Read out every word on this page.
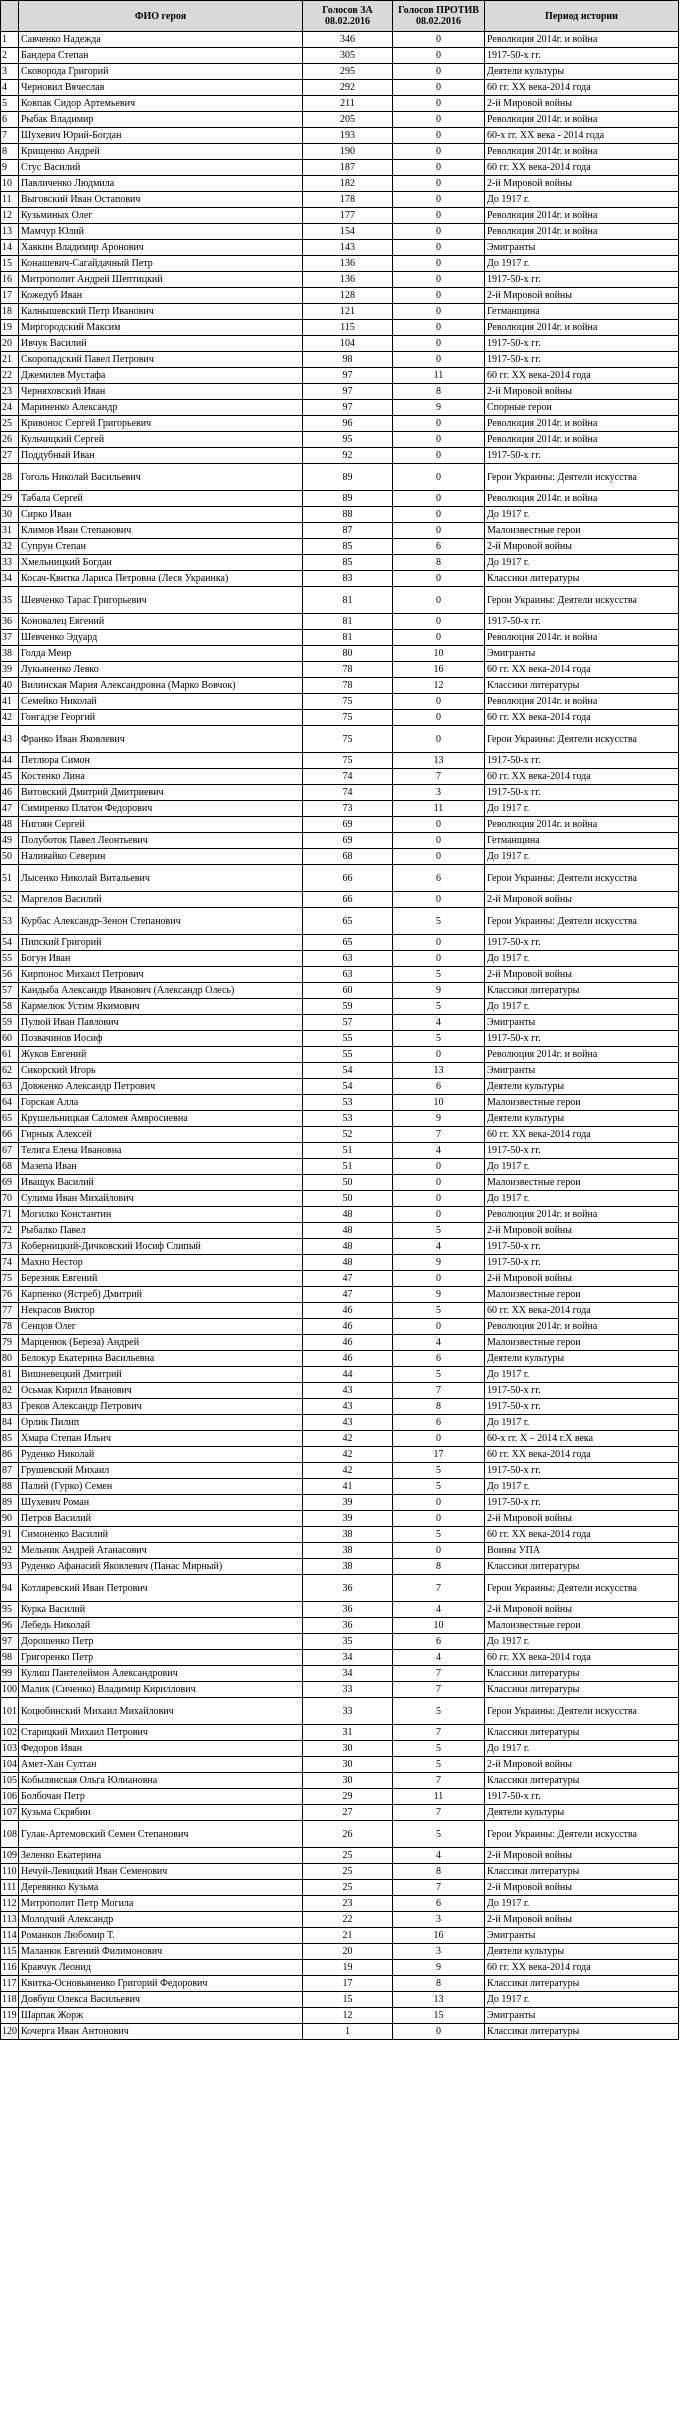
	ФИО героя	Голосов ЗА 08.02.2016	Голосов ПРОТИВ 08.02.2016	Период истории
1	Савченко Надежда	346	0	Революция 2014г. и война
2	Бандера Степан	305	0	1917-50-х гг.
3	Сковорода Григорий	295	0	Деятели культуры
4	Черновил Вячеслав	292	0	60 гг. XX века-2014 года
5	Ковпак Сидор Артемьевич	211	0	2-й Мировой войны
6	Рыбак Владимир	205	0	Революция 2014г. и война
7	Шухевич Юрий-Богдан	193	0	60-х гг. XX века - 2014 года
8	Крищенко Андрей	190	0	Революция 2014г. и война
9	Стус Василий	187	0	60 гг. XX века-2014 года
10	Павличенко Людмила	182	0	2-й Мировой войны
11	Выговский Иван Остапович	178	0	До 1917 г.
12	Кузьминых Олег	177	0	Революция 2014г. и война
13	Мамчур Юлий	154	0	Революция 2014г. и война
14	Хавкин Владимир Аронович	143	0	Эмигранты
15	Конашевич-Сагайдачный Петр	136	0	До 1917 г.
16	Митрополит Андрей Шептицкий	136	0	1917-50-х гг.
17	Кожедуб Иван	128	0	2-й Мировой войны
18	Калнышевский Петр Иванович	121	0	Гетманщина
19	Миргородский Максим	115	0	Революция 2014г. и война
20	Ивчук Василий	104	0	1917-50-х гг.
21	Скоропадский Павел Петрович	98	0	1917-50-х гг.
22	Джемилев Мустафа	97	11	60 гг. XX века-2014 года
23	Черняховский Иван	97	8	2-й Мировой войны
24	Мариненко Александр	97	9	Спорные герои
25	Кривонос Сергей Григорьевич	96	0	Революция 2014г. и война
26	Кульчицкий Сергей	95	0	Революция 2014г. и война
27	Поддубный Иван	92	0	1917-50-х гг.
28	Гоголь Николай Васильевич	89	0	Герои Украины: Деятели искусства
29	Табала Сергей	89	0	Революция 2014г. и война
30	Сирко Иван	88	0	До 1917 г.
31	Климов Иван Степанович	87	0	Малоизвестные герои
32	Супрун Степан	85	6	2-й Мировой войны
33	Хмельницкий Богдан	85	8	До 1917 г.
34	Косач-Квитка Лариса Петровна (Леся Украинка)	83	0	Классики литературы
35	Шевченко Тарас Григорьевич	81	0	Герои Украины: Деятели искусства
36	Коновалец Евгений	81	0	1917-50-х гг.
37	Шевченко Эдуард	81	0	Революция 2014г. и война
38	Голда Меир	80	10	Эмигранты
39	Лукьяненко Левко	78	16	60 гг. XX века-2014 года
40	Вилинская Мария Александровна (Марко Вовчок)	78	12	Классики литературы
41	Семейко Николай	75	0	Революция 2014г. и война
42	Гонгадзе Георгий	75	0	60 гг. XX века-2014 года
43	Франко Иван Яковлевич	75	0	Герои Украины: Деятели искусства
44	Петлюра Симон	75	13	1917-50-х гг.
45	Костенко Лина	74	7	60 гг. XX века-2014 года
46	Витовский Дмитрий Дмитриевич	74	3	1917-50-х гг.
47	Симиренко Платон Федорович	73	11	До 1917 г.
48	Нигоян Сергей	69	0	Революция 2014г. и война
49	Полуботок Павел Леонтьевич	69	0	Гетманщина
50	Наливайко Северин	68	0	До 1917 г.
51	Лысенко Николай Витальевич	66	6	Герои Украины: Деятели искусства
52	Маргелов Василий	66	0	2-й Мировой войны
53	Курбас Александр-Зенон Степанович	65	5	Герои Украины: Деятели искусства
54	Пипский Григорий	65	0	1917-50-х гг.
55	Богун Иван	63	0	До 1917 г.
56	Кирпонос Михаил Петрович	63	5	2-й Мировой войны
57	Кандыба Александр Иванович (Александр Олесь)	60	9	Классики литературы
58	Кармелюк Устим Якимович	59	5	До 1917 г.
59	Пулюй Иван Павлович	57	4	Эмигранты
60	Позвачинов Иосиф	55	5	1917-50-х гг.
61	Жуков Евгений	55	0	Революция 2014г. и война
62	Сикорский Игорь	54	13	Эмигранты
63	Довженко Александр Петрович	54	6	Деятели культуры
64	Горская Алла	53	10	Малоизвестные герои
65	Крушельницкая Саломея Амвросиевна	53	9	Деятели культуры
66	Гирнык Алексей	52	7	60 гг. XX века-2014 года
67	Телига Елена Ивановна	51	4	1917-50-х гг.
68	Мазепа Иван	51	0	До 1917 г.
69	Иващук Василий	50	0	Малоизвестные герои
70	Сулима Иван Михайлович	50	0	До 1917 г.
71	Могилко Константин	48	0	Революция 2014г. и война
72	Рыбалко Павел	48	5	2-й Мировой войны
73	Коберницкий-Дичковский Иосиф Слипый	48	4	1917-50-х гг.
74	Махно Нестор	48	9	1917-50-х гг.
75	Березняк Евгений	47	0	2-й Мировой войны
76	Карпенко (Ястреб) Дмитрий	47	9	Малоизвестные герои
77	Некрасов Виктор	46	5	60 гг. XX века-2014 года
78	Сенцов Олег	46	0	Революция 2014г. и война
79	Марценюк (Береза) Андрей	46	4	Малоизвестные герои
80	Белокур Екатерина Васильевна	46	6	Деятели культуры
81	Вишневецкий Дмитрий	44	5	До 1917 г.
82	Осьмак Кирилл Иванович	43	7	1917-50-х гг.
83	Греков Александр Петрович	43	8	1917-50-х гг.
84	Орлик Пилип	43	6	До 1917 г.
85	Хмара Степан Ильич	42	0	60-х гг. Х – 2014 г.Х века
86	Руденко Николай	42	17	60 гг. XX века-2014 года
87	Грушевский Михаил	42	5	1917-50-х гг.
88	Палий (Гурко) Семен	41	5	До 1917 г.
89	Шухевич Роман	39	0	1917-50-х гг.
90	Петров Василий	39	0	2-й Мировой войны
91	Симоненко Василий	38	5	60 гг. XX века-2014 года
92	Мельник Андрей Атанасович	38	0	Воины УПА
93	Руденко Афанасий Яковлевич (Панас Мирный)	38	8	Классики литературы
94	Котляревский Иван Петрович	36	7	Герои Украины: Деятели искусства
95	Курка Василий	36	4	2-й Мировой войны
96	Лебедь Николай	36	10	Малоизвестные герои
97	Дорошенко Петр	35	6	До 1917 г.
98	Григоренко Петр	34	4	60 гг. XX века-2014 года
99	Кулиш Пантелеймон Александрович	34	7	Классики литературы
100	Малик (Сиченко) Владимир Кириллович	33	7	Классики литературы
101	Коцюбинский Михаил Михайлович	33	5	Герои Украины: Деятели искусства
102	Старицкий Михаил Петрович	31	7	Классики литературы
103	Федоров Иван	30	5	До 1917 г.
104	Амет-Хан Султан	30	5	2-й Мировой войны
105	Кобылянская Ольга Юлиановна	30	7	Классики литературы
106	Болбочан Петр	29	11	1917-50-х гг.
107	Кузьма Скрябин	27	7	Деятели культуры
108	Гулак-Артемовский Семен Степанович	26	5	Герои Украины: Деятели искусства
109	Зеленко Екатерина	25	4	2-й Мировой войны
110	Нечуй-Левицкий Иван Семенович	25	8	Классики литературы
111	Деревянко Кузьма	25	7	2-й Мировой войны
112	Митрополит Петр Могила	23	6	До 1917 г.
113	Молодчий Александр	22	3	2-й Мировой войны
114	Романков Любомир Т.	21	16	Эмигранты
115	Маланюк Евгений Филимонович	20	3	Деятели культуры
116	Кравчук Леонид	19	9	60 гг. XX века-2014 года
117	Квитка-Основьяненко Григорий Федорович	17	8	Классики литературы
118	Довбуш Олекса Васильевич	15	13	До 1917 г.
119	Шарпак Жорж	12	15	Эмигранты
120	Кочерга Иван Антонович	1	0	Классики литературы
